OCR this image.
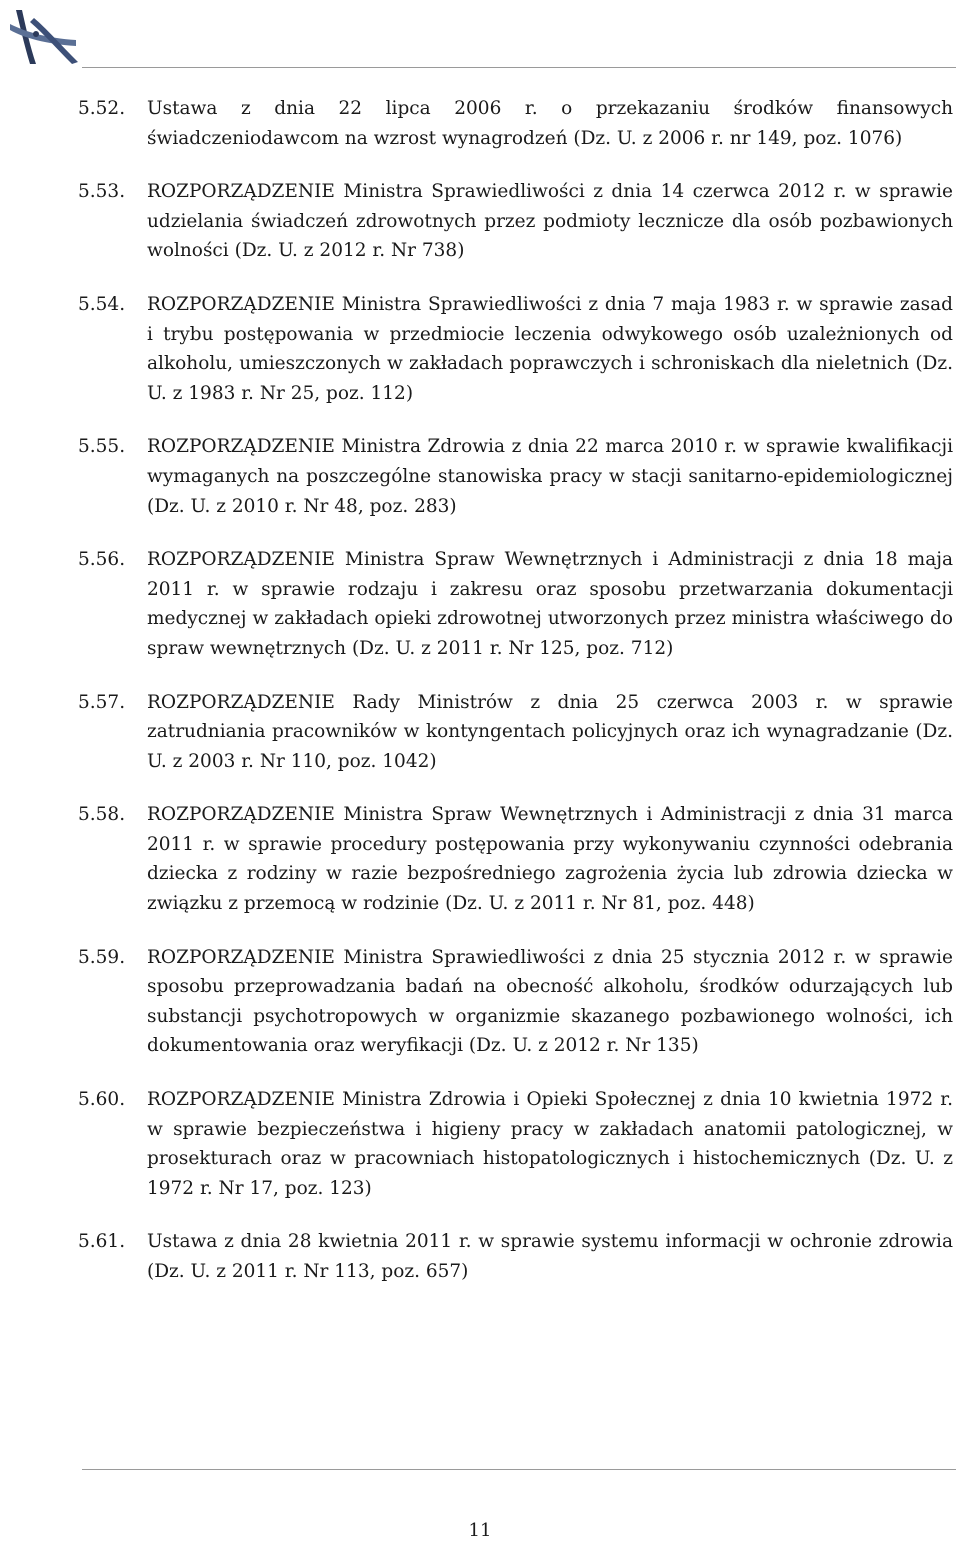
5.52.	Ustawa z dnia 22 lipca 2006 r. o przekazaniu środków finansowych świadczeniodawcom na wzrost wynagrodzeń (Dz. U. z 2006 r. nr 149, poz. 1076)
5.53.	ROZPORZĄDZENIE Ministra Sprawiedliwości z dnia 14 czerwca 2012 r. w sprawie udzielania świadczeń zdrowotnych przez podmioty lecznicze dla osób pozbawionych wolności (Dz. U. z 2012 r. Nr 738)
5.54.	ROZPORZĄDZENIE Ministra Sprawiedliwości z dnia 7 maja 1983 r. w sprawie zasad i trybu postępowania w przedmiocie leczenia odwykowego osób uzależnionych od alkoholu, umieszczonych w zakładach poprawczych i schroniskach dla nieletnich (Dz. U. z 1983 r. Nr 25, poz. 112)
5.55.	ROZPORZĄDZENIE Ministra Zdrowia z dnia 22 marca 2010 r. w sprawie kwalifikacji wymaganych na poszczególne stanowiska pracy w stacji sanitarno-epidemiologicznej (Dz. U. z 2010 r. Nr 48, poz. 283)
5.56.	ROZPORZĄDZENIE Ministra Spraw Wewnętrznych i Administracji z dnia 18 maja 2011 r. w sprawie rodzaju i zakresu oraz sposobu przetwarzania dokumentacji medycznej w zakładach opieki zdrowotnej utworzonych przez ministra właściwego do spraw wewnętrznych (Dz. U. z 2011 r. Nr 125, poz. 712)
5.57.	ROZPORZĄDZENIE Rady Ministrów z dnia 25 czerwca 2003 r. w sprawie zatrudniania pracowników w kontyngentach policyjnych oraz ich wynagradzanie (Dz. U. z 2003 r. Nr 110, poz. 1042)
5.58.	ROZPORZĄDZENIE Ministra Spraw Wewnętrznych i Administracji z dnia 31 marca 2011 r. w sprawie procedury postępowania przy wykonywaniu czynności odebrania dziecka z rodziny w razie bezpośredniego zagrożenia życia lub zdrowia dziecka w związku z przemocą w rodzinie (Dz. U. z 2011 r. Nr 81, poz. 448)
5.59.	ROZPORZĄDZENIE Ministra Sprawiedliwości z dnia 25 stycznia 2012 r. w sprawie sposobu przeprowadzania badań na obecność alkoholu, środków odurzających lub substancji psychotropowych w organizmie skazanego pozbawionego wolności, ich dokumentowania oraz weryfikacji (Dz. U. z 2012 r. Nr 135)
5.60.	ROZPORZĄDZENIE Ministra Zdrowia i Opieki Społecznej z dnia 10 kwietnia 1972 r. w sprawie bezpieczeństwa i higieny pracy w zakładach anatomii patologicznej, w prosekturach oraz w pracowniach histopatologicznych i histochemicznych (Dz. U. z 1972 r. Nr 17, poz. 123)
5.61.	Ustawa z dnia 28 kwietnia 2011 r. w sprawie systemu informacji w ochronie zdrowia (Dz. U. z 2011 r. Nr 113, poz. 657)
11
